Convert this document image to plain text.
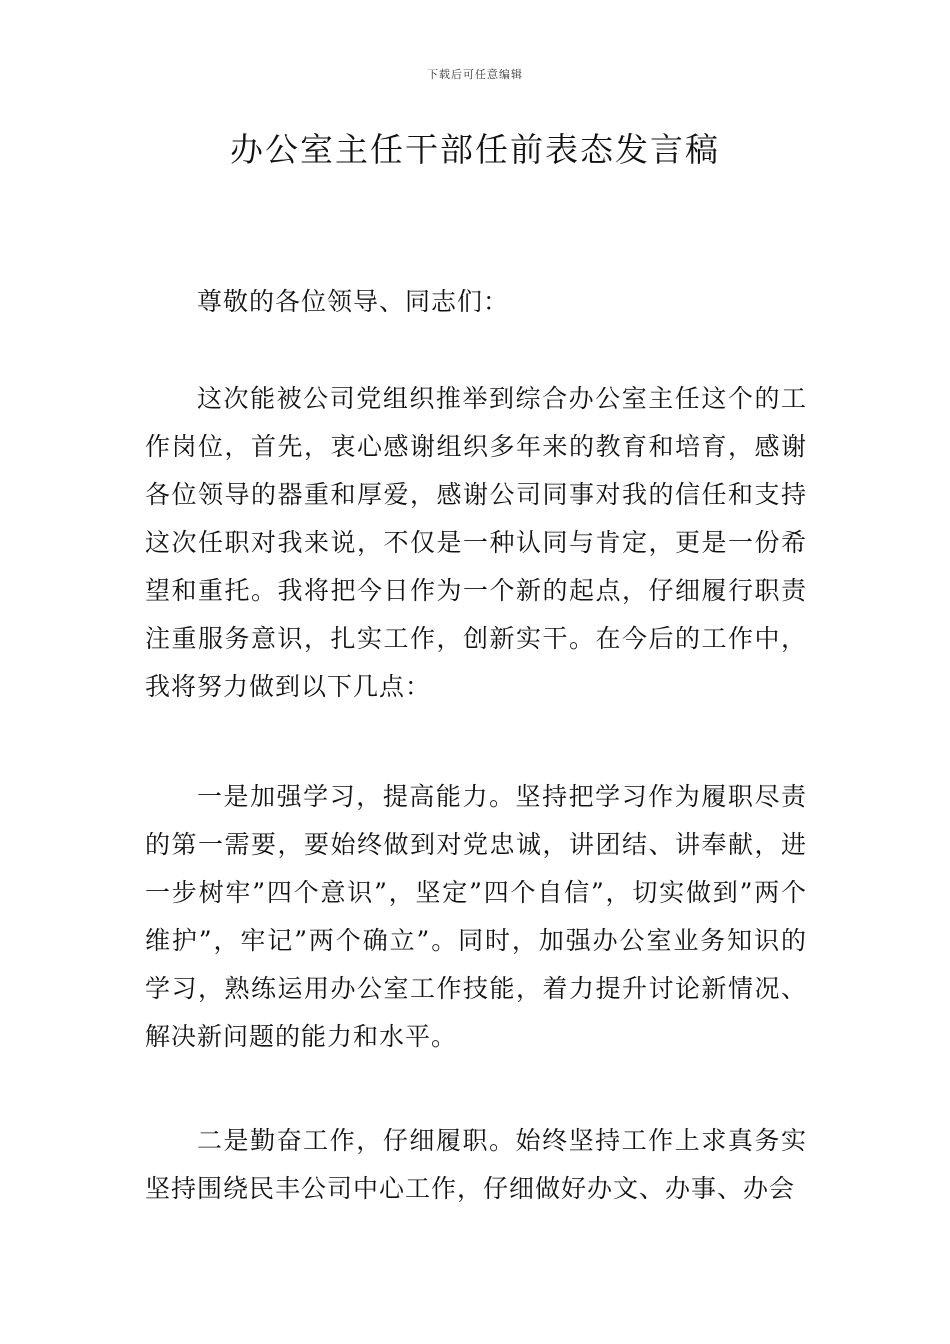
下载后可任意编辑
办公室主任干部任前表态发言稿

尊敬的各位领导、同志们：

这次能被公司党组织推举到综合办公室主任这个的工作岗位，首先，衷心感谢组织多年来的教育和培育，感谢各位领导的器重和厚爱，感谢公司同事对我的信任和支持这次任职对我来说，不仅是一种认同与肯定，更是一份希望和重托。我将把今日作为一个新的起点，仔细履行职责注重服务意识，扎实工作，创新实干。在今后的工作中，我将努力做到以下几点：

一是加强学习，提高能力。坚持把学习作为履职尽责的第一需要，要始终做到对党忠诚，讲团结、讲奉献，进一步树牢”四个意识”，坚定”四个自信”，切实做到”两个维护”，牢记”两个确立”。同时，加强办公室业务知识的学习，熟练运用办公室工作技能，着力提升讨论新情况、解决新问题的能力和水平。

二是勤奋工作，仔细履职。始终坚持工作上求真务实坚持围绕民丰公司中心工作，仔细做好办文、办事、办会
